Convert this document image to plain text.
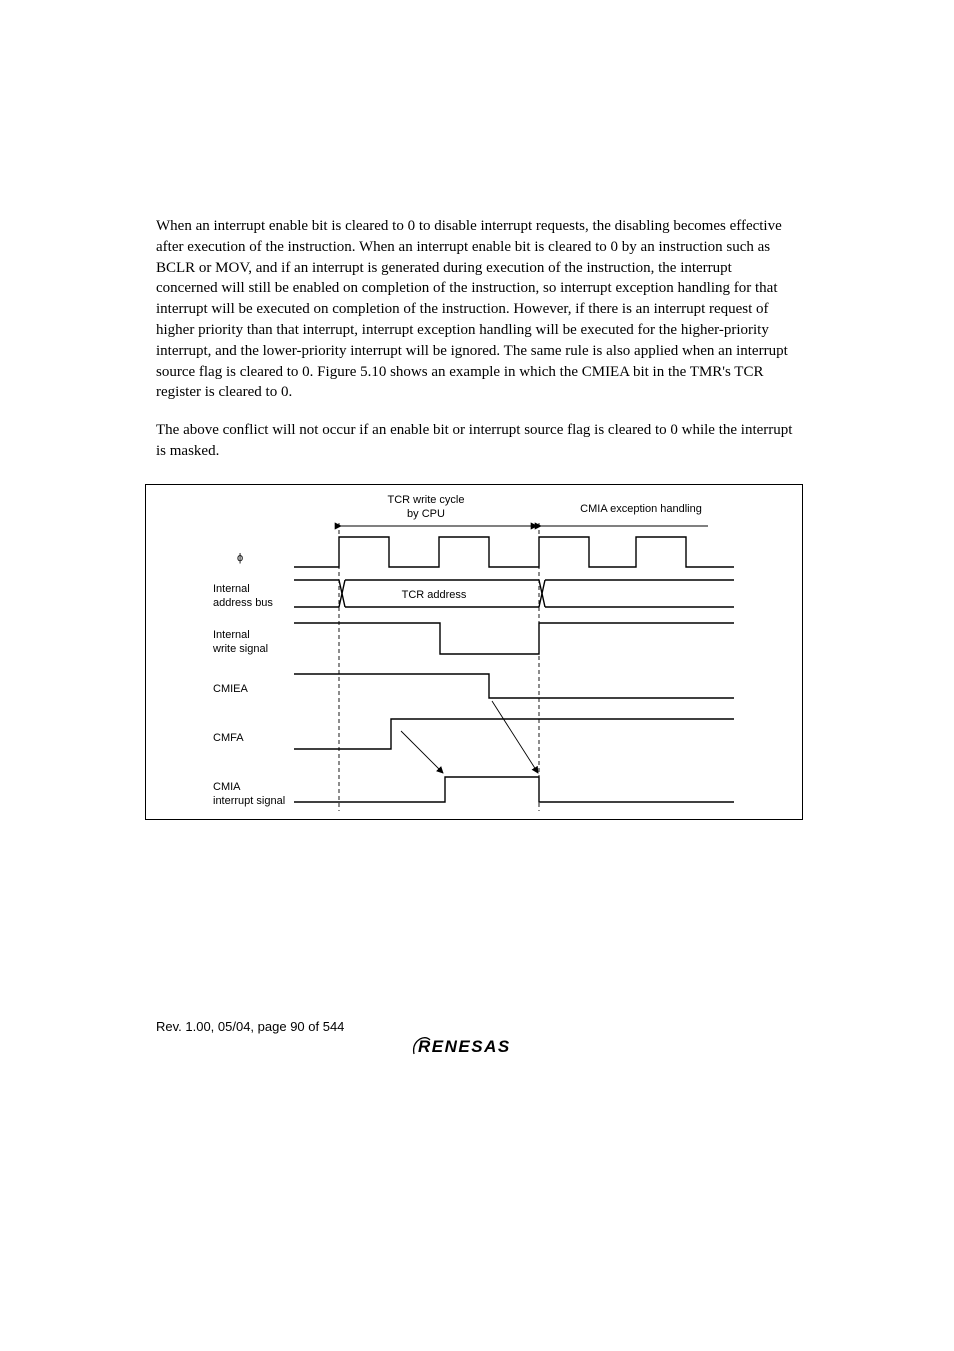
When an interrupt enable bit is cleared to 0 to disable interrupt requests, the disabling becomes effective after execution of the instruction. When an interrupt enable bit is cleared to 0 by an instruction such as BCLR or MOV, and if an interrupt is generated during execution of the instruction, the interrupt concerned will still be enabled on completion of the instruction, so interrupt exception handling for that interrupt will be executed on completion of the instruction. However, if there is an interrupt request of higher priority than that interrupt, interrupt exception handling will be executed for the higher-priority interrupt, and the lower-priority interrupt will be ignored. The same rule is also applied when an interrupt source flag is cleared to 0. Figure 5.10 shows an example in which the CMIEA bit in the TMR's TCR register is cleared to 0.

The above conflict will not occur if an enable bit or interrupt source flag is cleared to 0 while the interrupt is masked.

TCR write cycle
by CPU	CMIA exception handling
TCR address
ϕ
Internal
address bus
Internal
write signal
CMIEA
CMFA
CMIA
interrupt signal
Rev. 1.00, 05/04, page 90 of 544
RENESAS
